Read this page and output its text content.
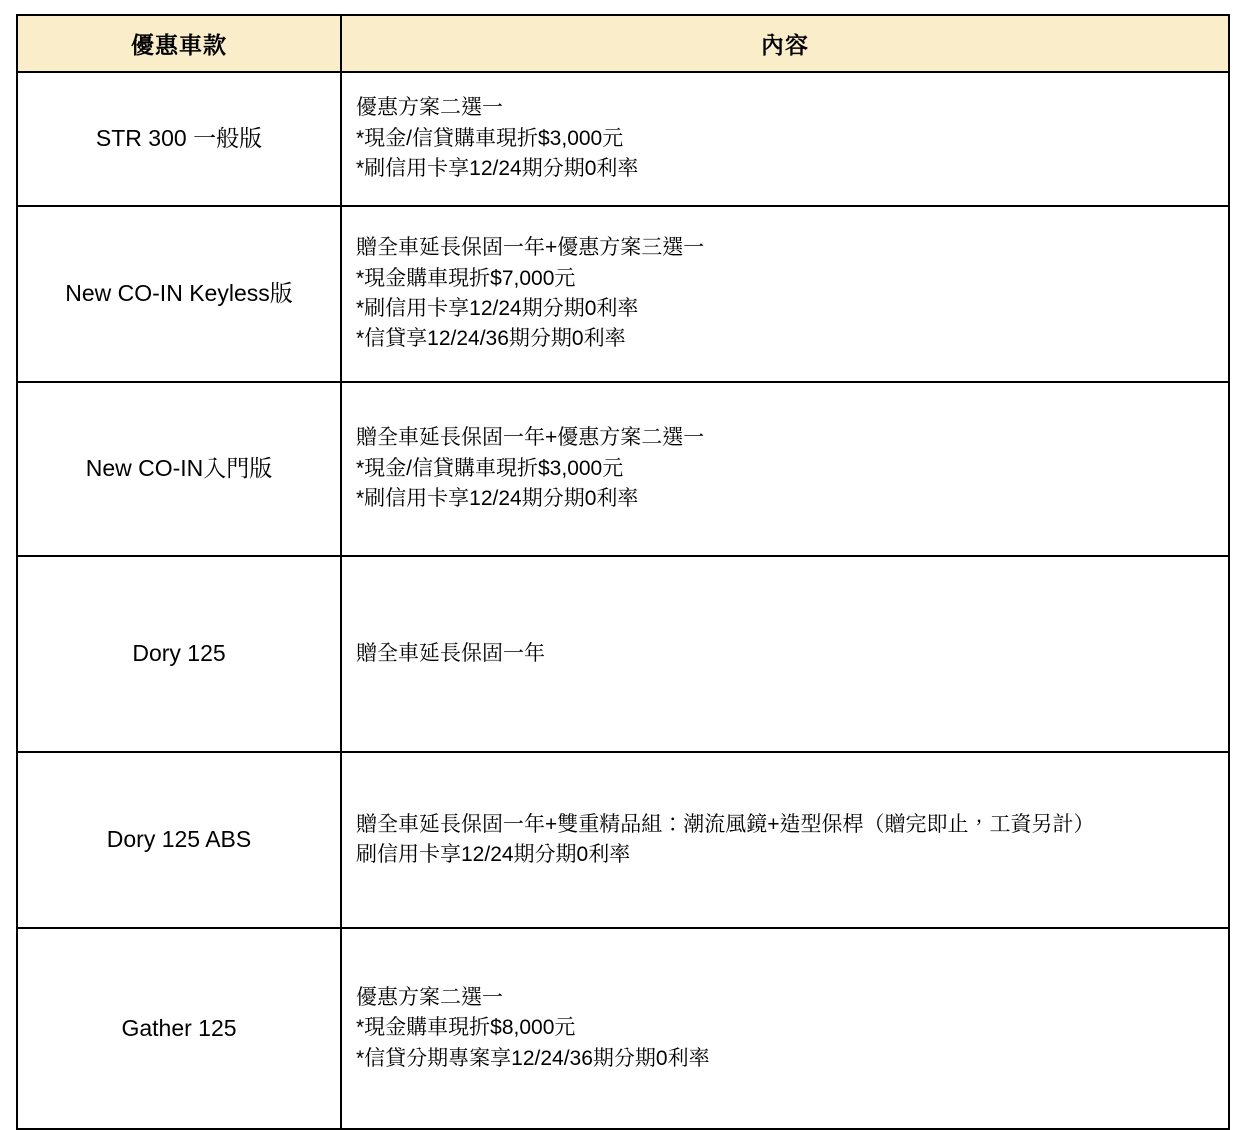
優惠車款	內容
STR 300 一般版	優惠方案二選一
*現金/信貸購車現折$3,000元
*刷信用卡享12/24期分期0利率

New CO-IN Keyless版	贈全車延長保固一年+優惠方案三選一
*現金購車現折$7,000元
*刷信用卡享12/24期分期0利率
*信貸享12/24/36期分期0利率

New CO-IN入門版	贈全車延長保固一年+優惠方案二選一
*現金/信貸購車現折$3,000元
*刷信用卡享12/24期分期0利率

Dory 125	贈全車延長保固一年

Dory 125 ABS	贈全車延長保固一年+雙重精品組：潮流風鏡+造型保桿（贈完即止，工資另計）
刷信用卡享12/24期分期0利率

Gather 125	優惠方案二選一
*現金購車現折$8,000元
*信貸分期專案享12/24/36期分期0利率
